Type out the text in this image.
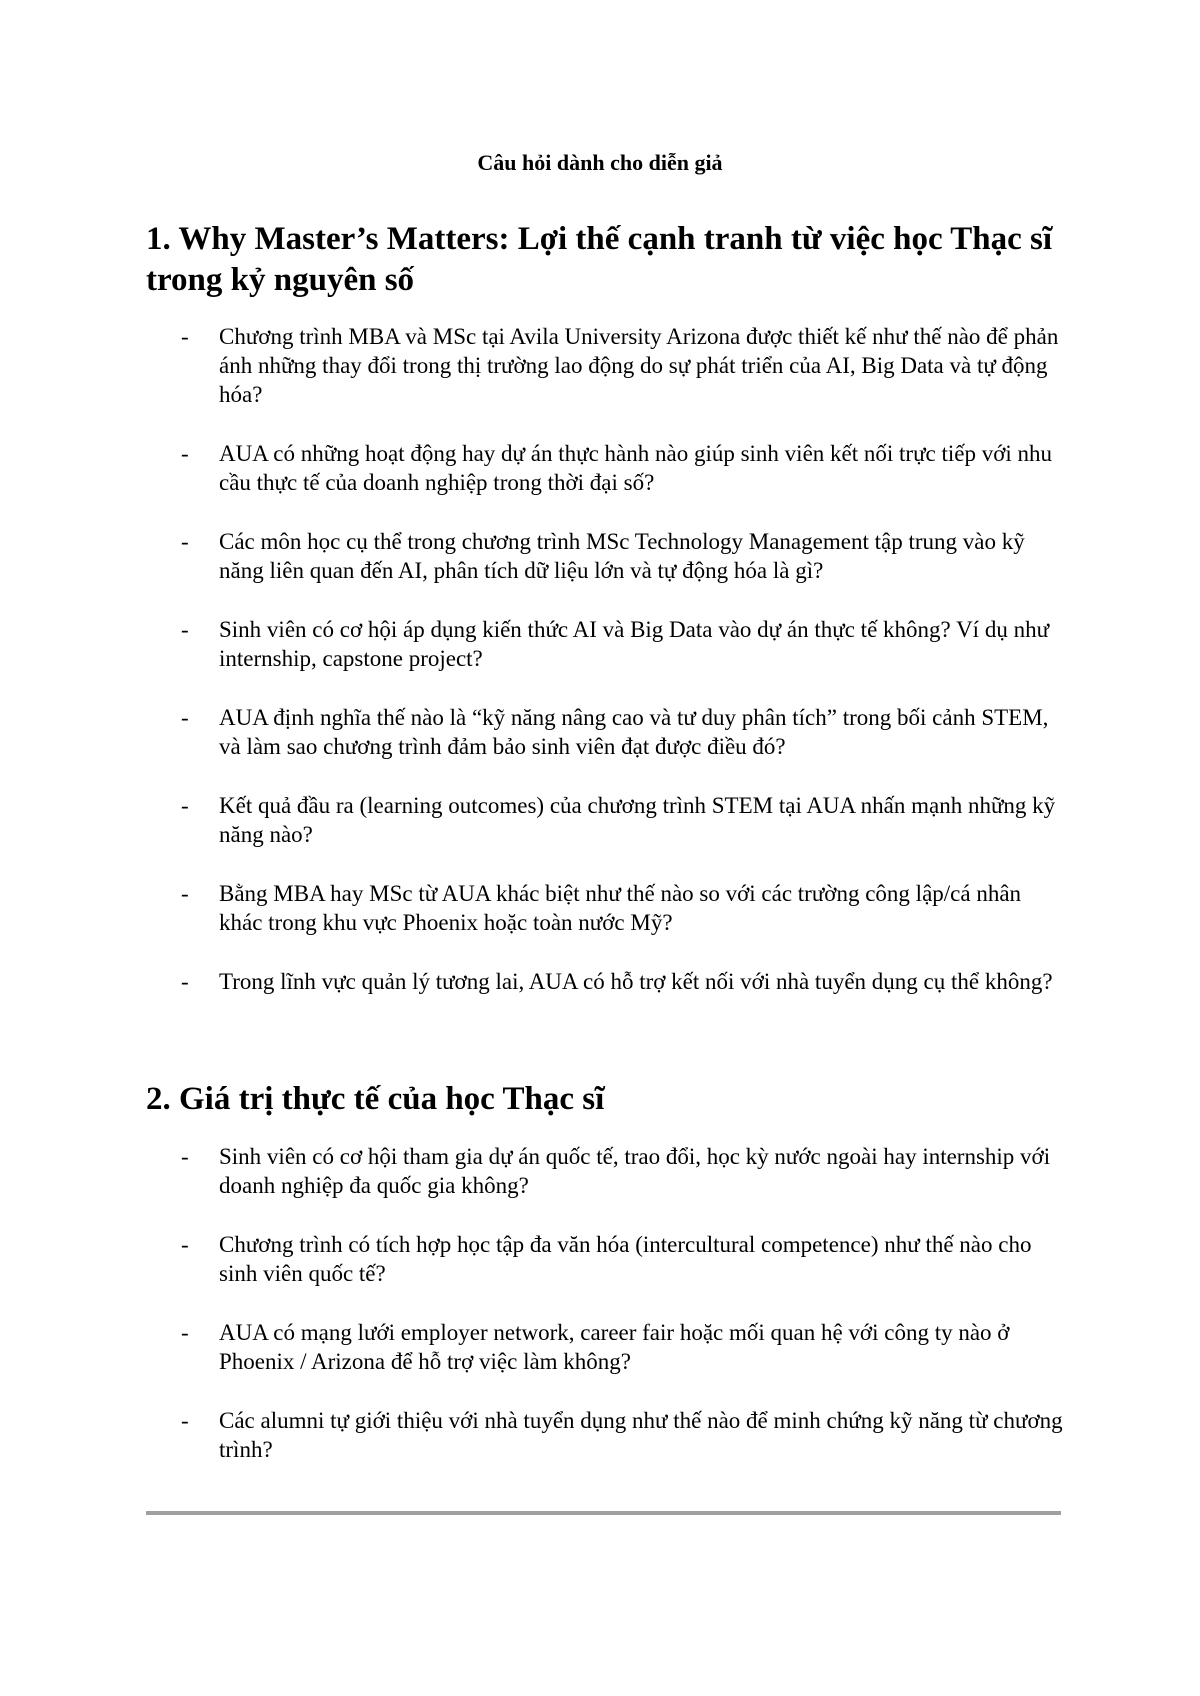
Câu hỏi dành cho diễn giả

1. Why Master’s Matters: Lợi thế cạnh tranh từ việc học Thạc sĩ trong kỷ nguyên số
- Chương trình MBA và MSc tại Avila University Arizona được thiết kế như thế nào để phản ánh những thay đổi trong thị trường lao động do sự phát triển của AI, Big Data và tự động hóa?
- AUA có những hoạt động hay dự án thực hành nào giúp sinh viên kết nối trực tiếp với nhu cầu thực tế của doanh nghiệp trong thời đại số?
- Các môn học cụ thể trong chương trình MSc Technology Management tập trung vào kỹ năng liên quan đến AI, phân tích dữ liệu lớn và tự động hóa là gì?
- Sinh viên có cơ hội áp dụng kiến thức AI và Big Data vào dự án thực tế không? Ví dụ như internship, capstone project?
- AUA định nghĩa thế nào là “kỹ năng nâng cao và tư duy phân tích” trong bối cảnh STEM, và làm sao chương trình đảm bảo sinh viên đạt được điều đó?
- Kết quả đầu ra (learning outcomes) của chương trình STEM tại AUA nhấn mạnh những kỹ năng nào?
- Bằng MBA hay MSc từ AUA khác biệt như thế nào so với các trường công lập/cá nhân khác trong khu vực Phoenix hoặc toàn nước Mỹ?
- Trong lĩnh vực quản lý tương lai, AUA có hỗ trợ kết nối với nhà tuyển dụng cụ thể không?
2. Giá trị thực tế của học Thạc sĩ
- Sinh viên có cơ hội tham gia dự án quốc tế, trao đổi, học kỳ nước ngoài hay internship với doanh nghiệp đa quốc gia không?
- Chương trình có tích hợp học tập đa văn hóa (intercultural competence) như thế nào cho sinh viên quốc tế?
- AUA có mạng lưới employer network, career fair hoặc mối quan hệ với công ty nào ở Phoenix / Arizona để hỗ trợ việc làm không?
- Các alumni tự giới thiệu với nhà tuyển dụng như thế nào để minh chứng kỹ năng từ chương trình?
